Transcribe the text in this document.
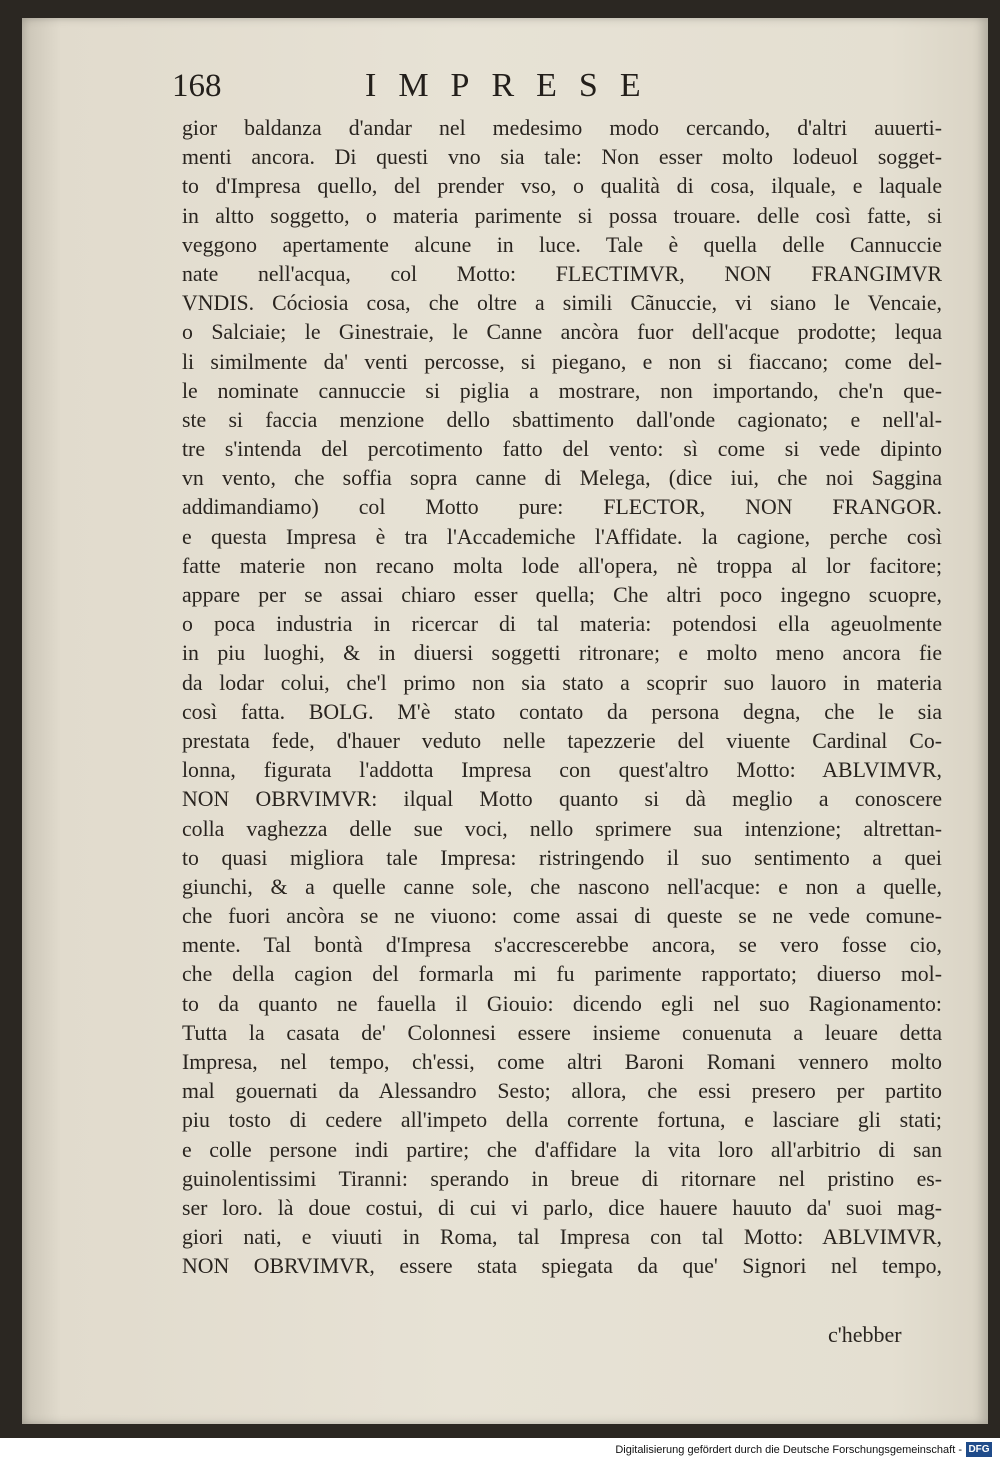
168	IMPRESE
gior baldanza d'andar nel medesimo modo cercando, d'altri auuerti-
menti ancora. Di questi vno sia tale: Non esser molto lodeuol sogget-
to d'Impresa quello, del prender vso, o qualità di cosa, ilquale, e laquale
in altto soggetto, o materia parimente si possa trouare. delle così fatte, si
veggono apertamente alcune in luce. Tale è quella delle Cannuccie
nate nell'acqua, col Motto: FLECTIMVR, NON FRANGIMVR
VNDIS. Cóciosia cosa, che oltre a simili Cãnuccie, vi siano le Vencaie,
o Salciaie; le Ginestraie, le Canne ancòra fuor dell'acque prodotte; lequa
li similmente da' venti percosse, si piegano, e non si fiaccano; come del-
le nominate cannuccie si piglia a mostrare, non importando, che'n que-
ste si faccia menzione dello sbattimento dall'onde cagionato; e nell'al-
tre s'intenda del percotimento fatto del vento: sì come si vede dipinto
vn vento, che soffia sopra canne di Melega, (dice iui, che noi Saggina
addimandiamo) col Motto pure: FLECTOR, NON FRANGOR.
e questa Impresa è tra l'Accademiche l'Affidate. la cagione, perche così
fatte materie non recano molta lode all'opera, nè troppa al lor facitore;
appare per se assai chiaro esser quella; Che altri poco ingegno scuopre,
o poca industria in ricercar di tal materia: potendosi ella ageuolmente
in piu luoghi, & in diuersi soggetti ritronare; e molto meno ancora fie
da lodar colui, che'l primo non sia stato a scoprir suo lauoro in materia
così fatta. BOLG. M'è stato contato da persona degna, che le sia
prestata fede, d'hauer veduto nelle tapezzerie del viuente Cardinal Co-
lonna, figurata l'addotta Impresa con quest'altro Motto: ABLVIMVR,
NON OBRVIMVR: ilqual Motto quanto si dà meglio a conoscere
colla vaghezza delle sue voci, nello sprimere sua intenzione; altrettan-
to quasi migliora tale Impresa: ristringendo il suo sentimento a quei
giunchi, & a quelle canne sole, che nascono nell'acque: e non a quelle,
che fuori ancòra se ne viuono: come assai di queste se ne vede comune-
mente. Tal bontà d'Impresa s'accrescerebbe ancora, se vero fosse cio,
che della cagion del formarla mi fu parimente rapportato; diuerso mol-
to da quanto ne fauella il Giouio: dicendo egli nel suo Ragionamento:
Tutta la casata de' Colonnesi essere insieme conuenuta a leuare detta
Impresa, nel tempo, ch'essi, come altri Baroni Romani vennero molto
mal gouernati da Alessandro Sesto; allora, che essi presero per partito
piu tosto di cedere all'impeto della corrente fortuna, e lasciare gli stati;
e colle persone indi partire; che d'affidare la vita loro all'arbitrio di san
guinolentissimi Tiranni: sperando in breue di ritornare nel pristino es-
ser loro. là doue costui, di cui vi parlo, dice hauere hauuto da' suoi mag-
giori nati, e viuuti in Roma, tal Impresa con tal Motto: ABLVIMVR,
NON OBRVIMVR, essere stata spiegata da que' Signori nel tempo,
c'hebber
Digitalisierung gefördert durch die Deutsche Forschungsgemeinschaft - DFG
